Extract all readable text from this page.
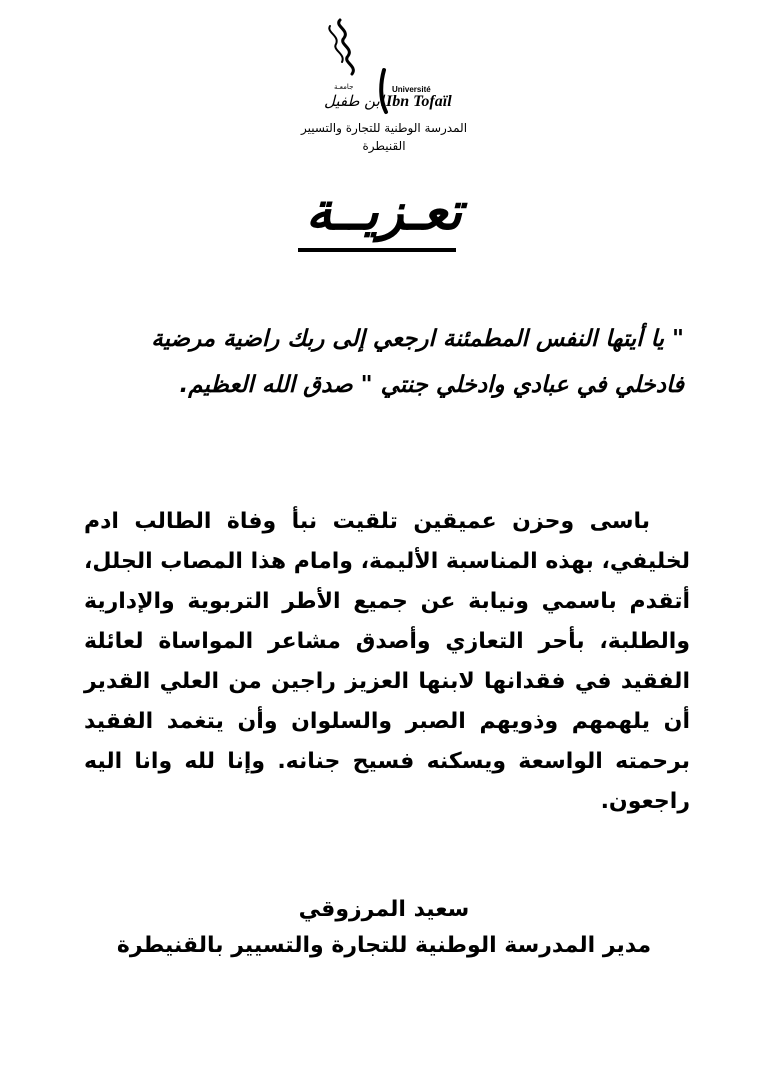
جامعـة	Université
ابن طفيل Ibn Tofaïl
المدرسة الوطنية للتجارة والتسيير
القنيطرة
تعـزيــة
" يا أيتها النفس المطمئنة ارجعي إلى ربك راضية مرضية فادخلي في عبادي وادخلي جنتي " صدق الله العظيم.
باسى وحزن عميقين تلقيت نبأ وفاة الطالب ادم لخليفي، بهذه المناسبة الأليمة، وامام هذا المصاب الجلل، أتقدم باسمي ونيابة عن جميع الأطر التربوية والإدارية والطلبة، بأحر التعازي وأصدق مشاعر المواساة لعائلة الفقيد في فقدانها لابنها العزيز راجين من العلي القدير أن يلهمهم وذويهم الصبر والسلوان وأن يتغمد الفقيد برحمته الواسعة ويسكنه فسيح جنانه. وإنا لله وانا اليه راجعون.
سعيد المرزوقي
مدير المدرسة الوطنية للتجارة والتسيير بالقنيطرة
